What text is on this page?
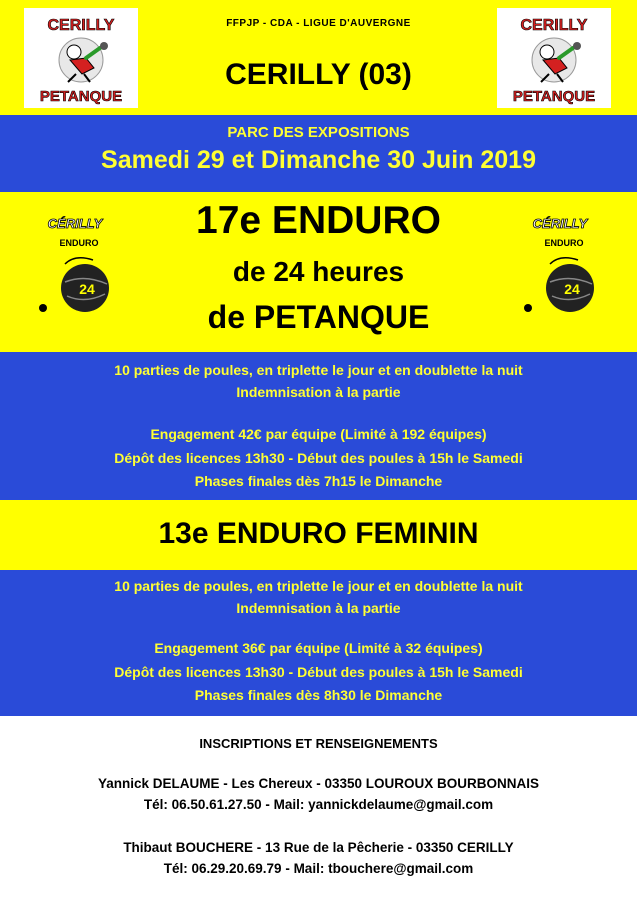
CERILLY
PETANQUE
FFPJP - CDA - LIGUE D'AUVERGNE
CERILLY (03)
CERILLY
PETANQUE
PARC DES EXPOSITIONS
Samedi 29 et Dimanche 30 Juin 2019
CÉRILLY
ENDURO
24
17e ENDURO
de 24 heures
de PETANQUE
CÉRILLY
ENDURO
24
10 parties de poules, en triplette le jour et en doublette la nuit
Indemnisation à la partie
Engagement 42€ par équipe (Limité à 192 équipes)
Dépôt des licences 13h30 - Début des poules à 15h le Samedi
Phases finales dès 7h15 le Dimanche
13e ENDURO FEMININ
10 parties de poules, en triplette le jour et en doublette la nuit
Indemnisation à la partie
Engagement 36€ par équipe (Limité à 32 équipes)
Dépôt des licences 13h30 - Début des poules à 15h le Samedi
Phases finales dès 8h30 le Dimanche
INSCRIPTIONS ET RENSEIGNEMENTS
Yannick DELAUME - Les Chereux - 03350 LOUROUX BOURBONNAIS
Tél: 06.50.61.27.50 - Mail: yannickdelaume@gmail.com
Thibaut BOUCHERE - 13 Rue de la Pêcherie - 03350 CERILLY
Tél: 06.29.20.69.79 - Mail: tbouchere@gmail.com
